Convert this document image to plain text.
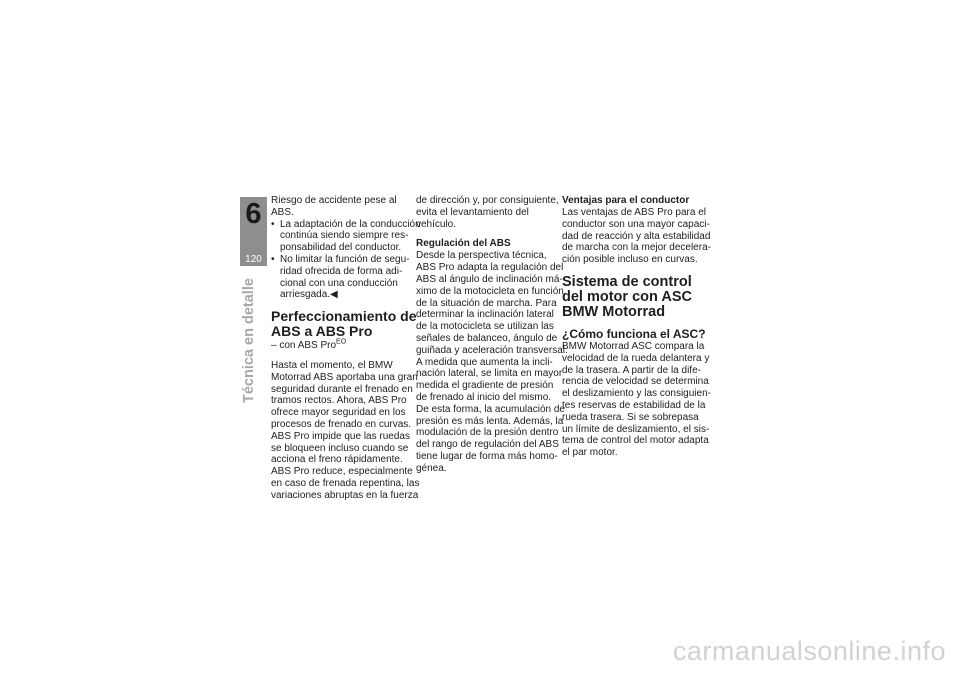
6
120
Técnica en detalle
Riesgo de accidente pese al
ABS.
• La adaptación de la conducción
continúa siendo siempre res-
ponsabilidad del conductor.
• No limitar la función de segu-
ridad ofrecida de forma adi-
cional con una conducción
arriesgada.◀
Perfeccionamiento de
ABS a ABS Pro
– con ABS Pro$^{EO}$
Hasta el momento, el BMW
Motorrad ABS aportaba una gran
seguridad durante el frenado en
tramos rectos. Ahora, ABS Pro
ofrece mayor seguridad en los
procesos de frenado en curvas.
ABS Pro impide que las ruedas
se bloqueen incluso cuando se
acciona el freno rápidamente.
ABS Pro reduce, especialmente
en caso de frenada repentina, las
variaciones abruptas en la fuerza
de dirección y, por consiguiente,
evita el levantamiento del
vehículo.
Regulación del ABS
Desde la perspectiva técnica,
ABS Pro adapta la regulación del
ABS al ángulo de inclinación má-
ximo de la motocicleta en función
de la situación de marcha. Para
determinar la inclinación lateral
de la motocicleta se utilizan las
señales de balanceo, ángulo de
guiñada y aceleración transversal.
A medida que aumenta la incli-
nación lateral, se limita en mayor
medida el gradiente de presión
de frenado al inicio del mismo.
De esta forma, la acumulación de
presión es más lenta. Además, la
modulación de la presión dentro
del rango de regulación del ABS
tiene lugar de forma más homo-
génea.
Ventajas para el conductor
Las ventajas de ABS Pro para el
conductor son una mayor capaci-
dad de reacción y alta estabilidad
de marcha con la mejor decelera-
ción posible incluso en curvas.
Sistema de control
del motor con ASC
BMW Motorrad
¿Cómo funciona el ASC?
BMW Motorrad ASC compara la
velocidad de la rueda delantera y
de la trasera. A partir de la dife-
rencia de velocidad se determina
el deslizamiento y las consiguien-
tes reservas de estabilidad de la
rueda trasera. Si se sobrepasa
un límite de deslizamiento, el sis-
tema de control del motor adapta
el par motor.
carmanualsonline.info
